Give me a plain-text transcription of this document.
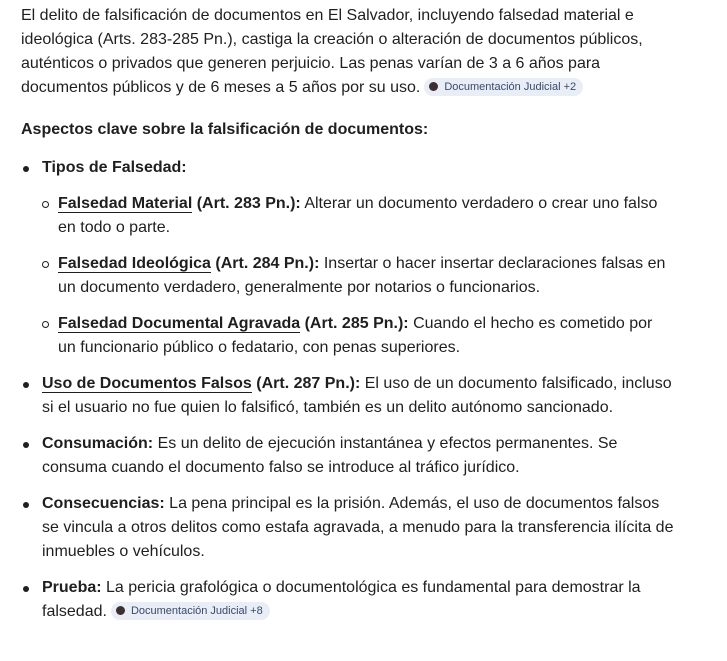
El delito de falsificación de documentos en El Salvador, incluyendo falsedad material e ideológica (Arts. 283-285 Pn.), castiga la creación o alteración de documentos públicos, auténticos o privados que generen perjuicio. Las penas varían de 3 a 6 años para documentos públicos y de 6 meses a 5 años por su uso. Documentación Judicial +2

Aspectos clave sobre la falsificación de documentos:
Tipos de Falsedad:
Falsedad Material (Art. 283 Pn.): Alterar un documento verdadero o crear uno falso en todo o parte.
Falsedad Ideológica (Art. 284 Pn.): Insertar o hacer insertar declaraciones falsas en un documento verdadero, generalmente por notarios o funcionarios.
Falsedad Documental Agravada (Art. 285 Pn.): Cuando el hecho es cometido por un funcionario público o fedatario, con penas superiores.
Uso de Documentos Falsos (Art. 287 Pn.): El uso de un documento falsificado, incluso si el usuario no fue quien lo falsificó, también es un delito autónomo sancionado.
Consumación: Es un delito de ejecución instantánea y efectos permanentes. Se consuma cuando el documento falso se introduce al tráfico jurídico.
Consecuencias: La pena principal es la prisión. Además, el uso de documentos falsos se vincula a otros delitos como estafa agravada, a menudo para la transferencia ilícita de inmuebles o vehículos.
Prueba: La pericia grafológica o documentológica es fundamental para demostrar la falsedad. Documentación Judicial +8
